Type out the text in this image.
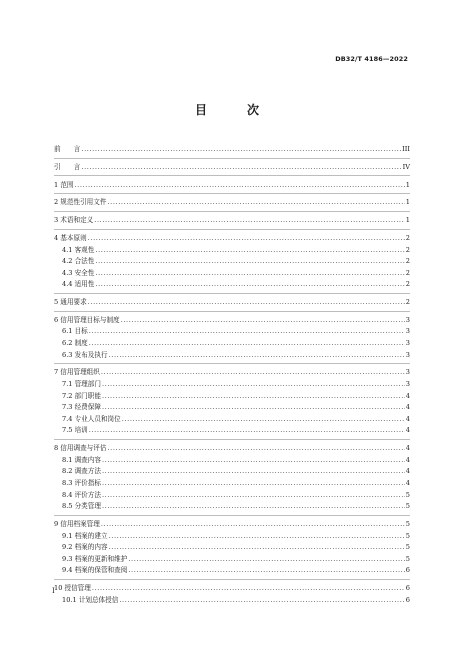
DB32/T 4186—2022
目　次
前　　言 .....	III
引　　言 .....	IV
1 范围 .....	1
2 规范性引用文件 .....	1
3 术语和定义 .....	1
4 基本原则 .....	2
4.1 客观性 .....	2
4.2 合法性 .....	2
4.3 安全性 .....	2
4.4 适用性 .....	2
5 通用要求 .....	2
6 信用管理目标与制度 .....	3
6.1 目标 .....	3
6.2 制度 .....	3
6.3 发布及执行 .....	3
7 信用管理组织 .....	3
7.1 管理部门 .....	3
7.2 部门职能 .....	4
7.3 经费保障 .....	4
7.4 专业人员和岗位 .....	4
7.5 培训 .....	4
8 信用调查与评估 .....	4
8.1 调查内容 .....	4
8.2 调查方法 .....	4
8.3 评价指标 .....	4
8.4 评价方法 .....	5
8.5 分类管理 .....	5
9 信用档案管理 .....	5
9.1 档案的建立 .....	5
9.2 档案的内容 .....	5
9.3 档案的更新和维护 .....	5
9.4 档案的保管和查阅 .....	6
10 授信管理 .....	6
10.1 计划总体授信 .....	6
I
